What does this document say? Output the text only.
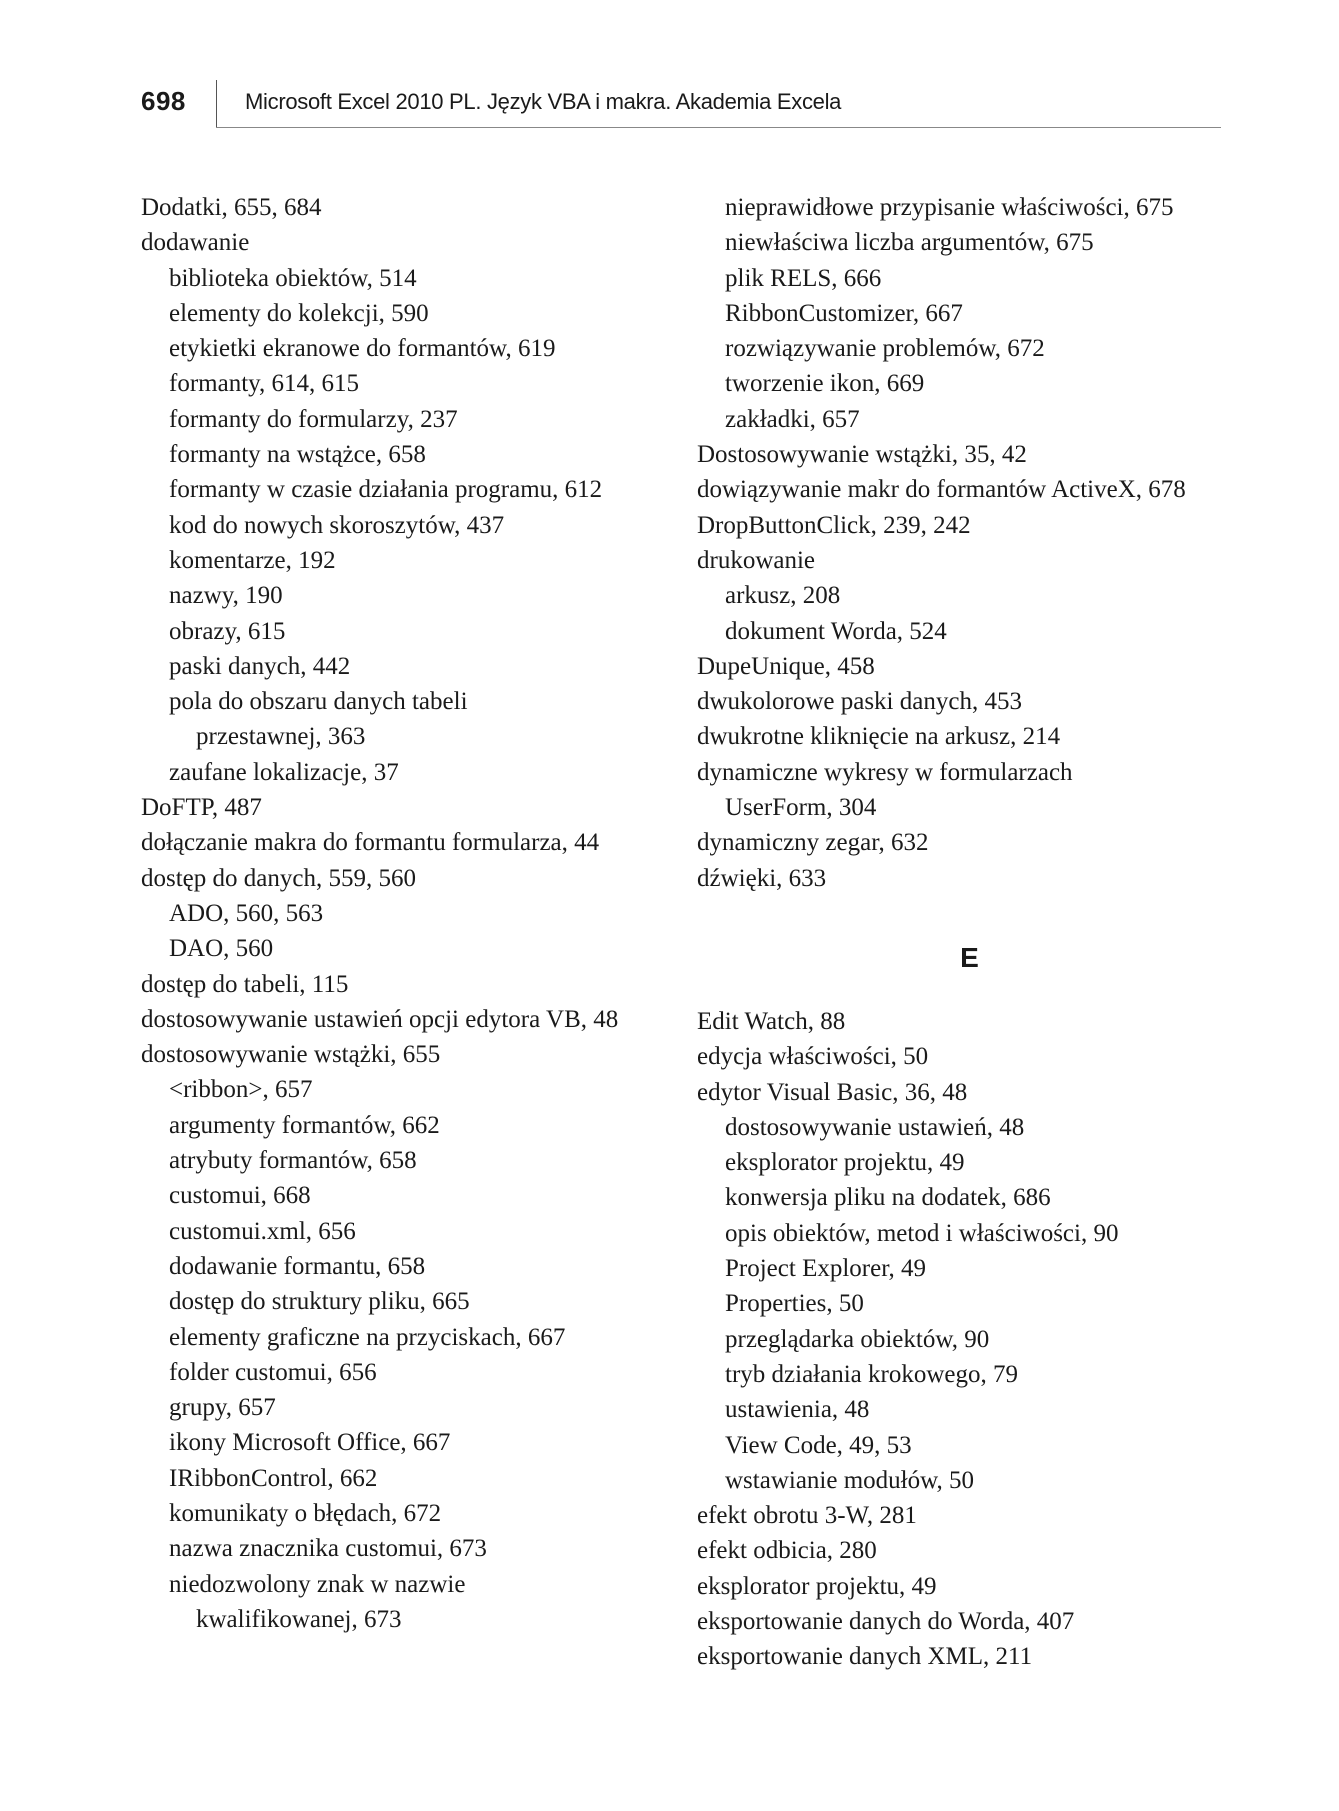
698	Microsoft Excel 2010 PL. Język VBA i makra. Akademia Excela
Dodatki, 655, 684
dodawanie
biblioteka obiektów, 514
elementy do kolekcji, 590
etykietki ekranowe do formantów, 619
formanty, 614, 615
formanty do formularzy, 237
formanty na wstążce, 658
formanty w czasie działania programu, 612
kod do nowych skoroszytów, 437
komentarze, 192
nazwy, 190
obrazy, 615
paski danych, 442
pola do obszaru danych tabeli
przestawnej, 363
zaufane lokalizacje, 37
DoFTP, 487
dołączanie makra do formantu formularza, 44
dostęp do danych, 559, 560
ADO, 560, 563
DAO, 560
dostęp do tabeli, 115
dostosowywanie ustawień opcji edytora VB, 48
dostosowywanie wstążki, 655
<ribbon>, 657
argumenty formantów, 662
atrybuty formantów, 658
customui, 668
customui.xml, 656
dodawanie formantu, 658
dostęp do struktury pliku, 665
elementy graficzne na przyciskach, 667
folder customui, 656
grupy, 657
ikony Microsoft Office, 667
IRibbonControl, 662
komunikaty o błędach, 672
nazwa znacznika customui, 673
niedozwolony znak w nazwie
kwalifikowanej, 673
nieprawidłowe przypisanie właściwości, 675
niewłaściwa liczba argumentów, 675
plik RELS, 666
RibbonCustomizer, 667
rozwiązywanie problemów, 672
tworzenie ikon, 669
zakładki, 657
Dostosowywanie wstążki, 35, 42
dowiązywanie makr do formantów ActiveX, 678
DropButtonClick, 239, 242
drukowanie
arkusz, 208
dokument Worda, 524
DupeUnique, 458
dwukolorowe paski danych, 453
dwukrotne kliknięcie na arkusz, 214
dynamiczne wykresy w formularzach
UserForm, 304
dynamiczny zegar, 632
dźwięki, 633
E
Edit Watch, 88
edycja właściwości, 50
edytor Visual Basic, 36, 48
dostosowywanie ustawień, 48
eksplorator projektu, 49
konwersja pliku na dodatek, 686
opis obiektów, metod i właściwości, 90
Project Explorer, 49
Properties, 50
przeglądarka obiektów, 90
tryb działania krokowego, 79
ustawienia, 48
View Code, 49, 53
wstawianie modułów, 50
efekt obrotu 3-W, 281
efekt odbicia, 280
eksplorator projektu, 49
eksportowanie danych do Worda, 407
eksportowanie danych XML, 211
